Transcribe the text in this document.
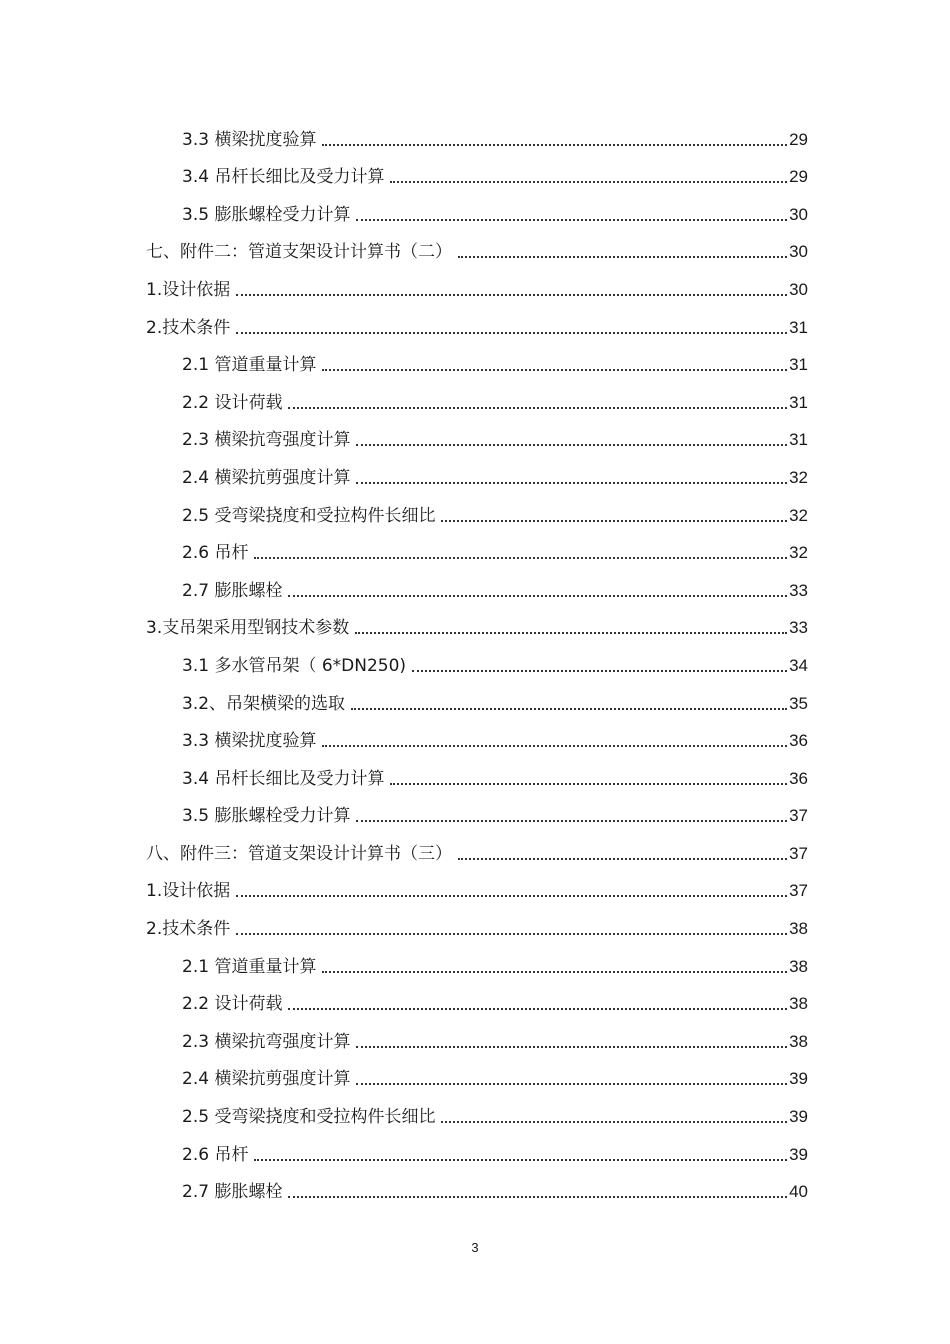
3.3 横梁扰度验算	29
3.4 吊杆长细比及受力计算	29
3.5 膨胀螺栓受力计算	30
七、附件二：管道支架设计计算书（二）	30
1.设计依据	30
2.技术条件	31
2.1 管道重量计算	31
2.2 设计荷载	31
2.3 横梁抗弯强度计算	31
2.4 横梁抗剪强度计算	32
2.5 受弯梁挠度和受拉构件长细比	32
2.6 吊杆	32
2.7 膨胀螺栓	33
3.支吊架采用型钢技术参数	33
3.1 多水管吊架（ 6*DN250)	34
3.2、吊架横梁的选取	35
3.3 横梁扰度验算	36
3.4 吊杆长细比及受力计算	36
3.5 膨胀螺栓受力计算	37
八、附件三：管道支架设计计算书（三）	37
1.设计依据	37
2.技术条件	38
2.1 管道重量计算	38
2.2 设计荷载	38
2.3 横梁抗弯强度计算	38
2.4 横梁抗剪强度计算	39
2.5 受弯梁挠度和受拉构件长细比	39
2.6 吊杆	39
2.7 膨胀螺栓	40
3
